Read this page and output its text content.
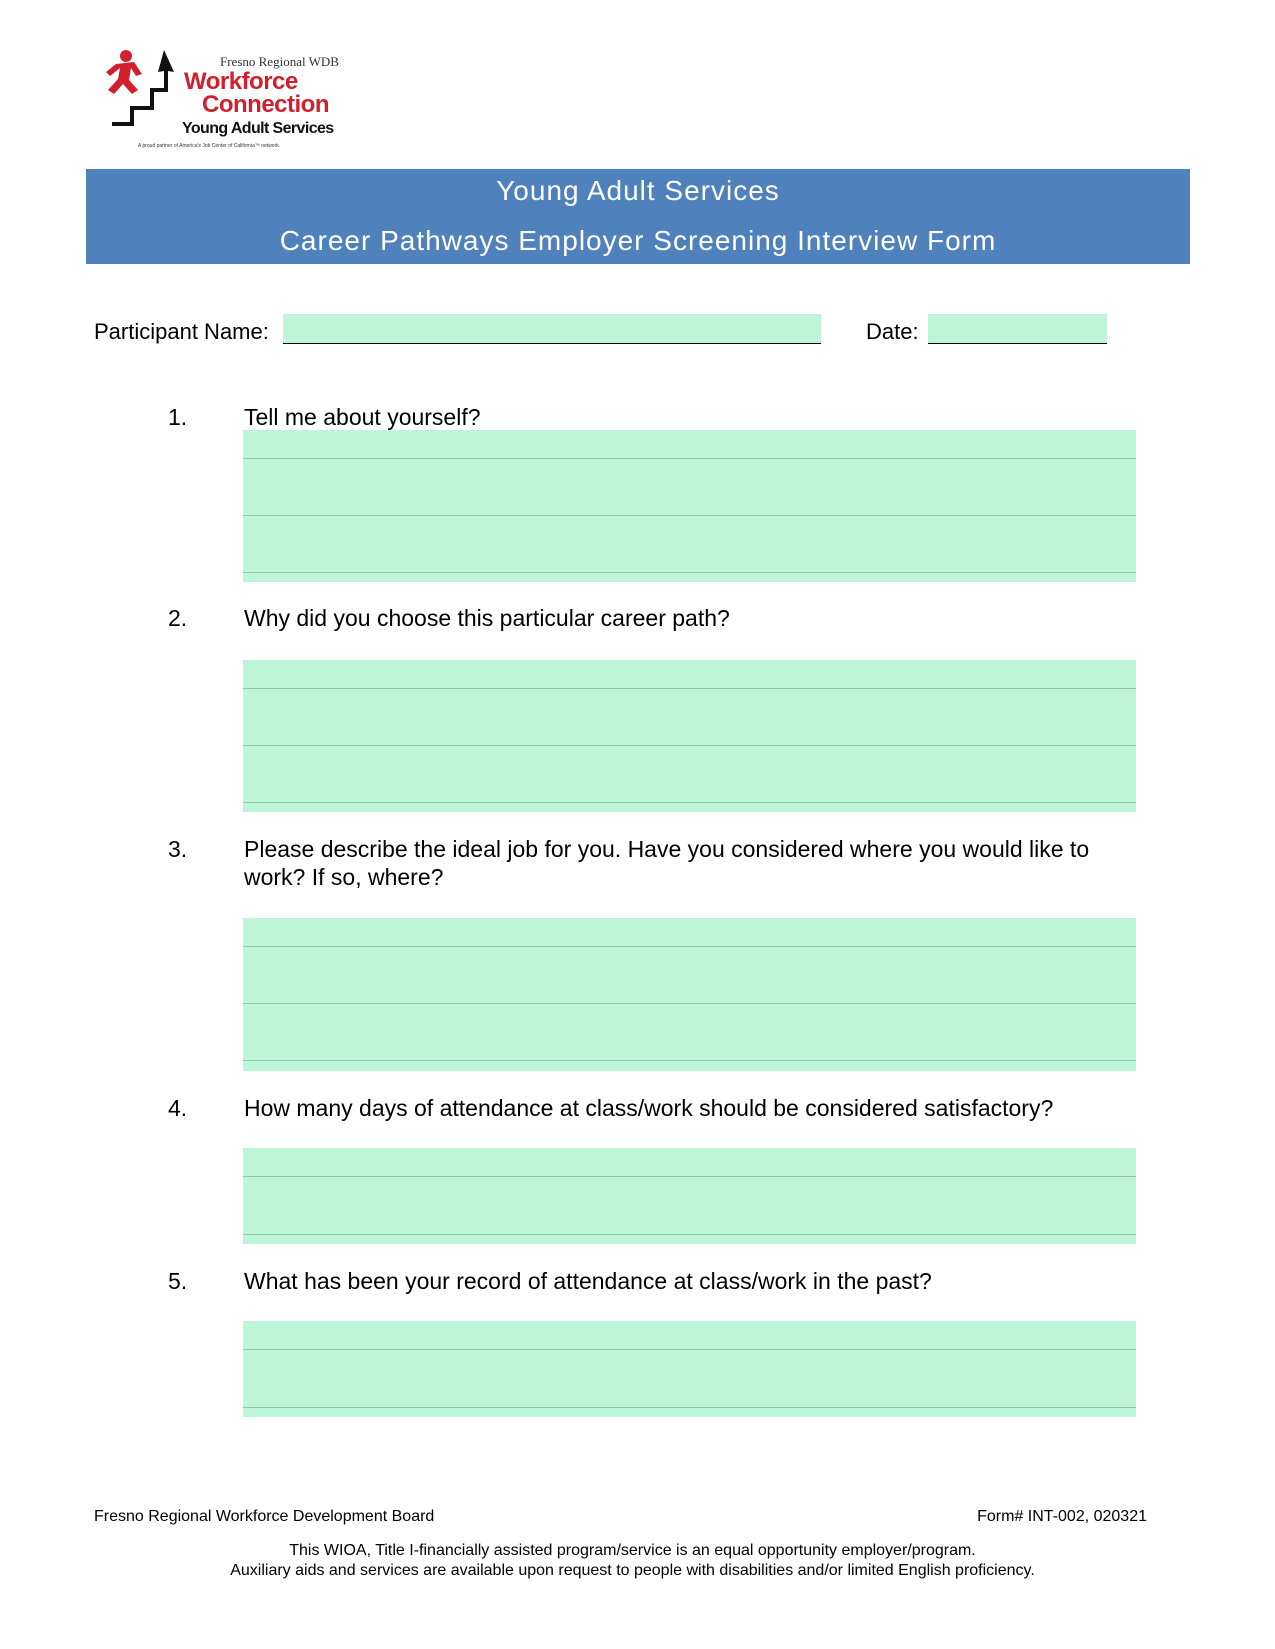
Fresno Regional WDB
Workforce
Connection
Young Adult Services
A proud partner of America's Job Center of California™ network.
Young Adult Services
Career Pathways Employer Screening Interview Form
Participant Name:	Date:
1. Tell me about yourself?
2. Why did you choose this particular career path?
3. Please describe the ideal job for you. Have you considered where you would like to work? If so, where?
4. How many days of attendance at class/work should be considered satisfactory?
5. What has been your record of attendance at class/work in the past?
Fresno Regional Workforce Development Board	Form# INT-002, 020321
This WIOA, Title I-financially assisted program/service is an equal opportunity employer/program.
Auxiliary aids and services are available upon request to people with disabilities and/or limited English proficiency.
